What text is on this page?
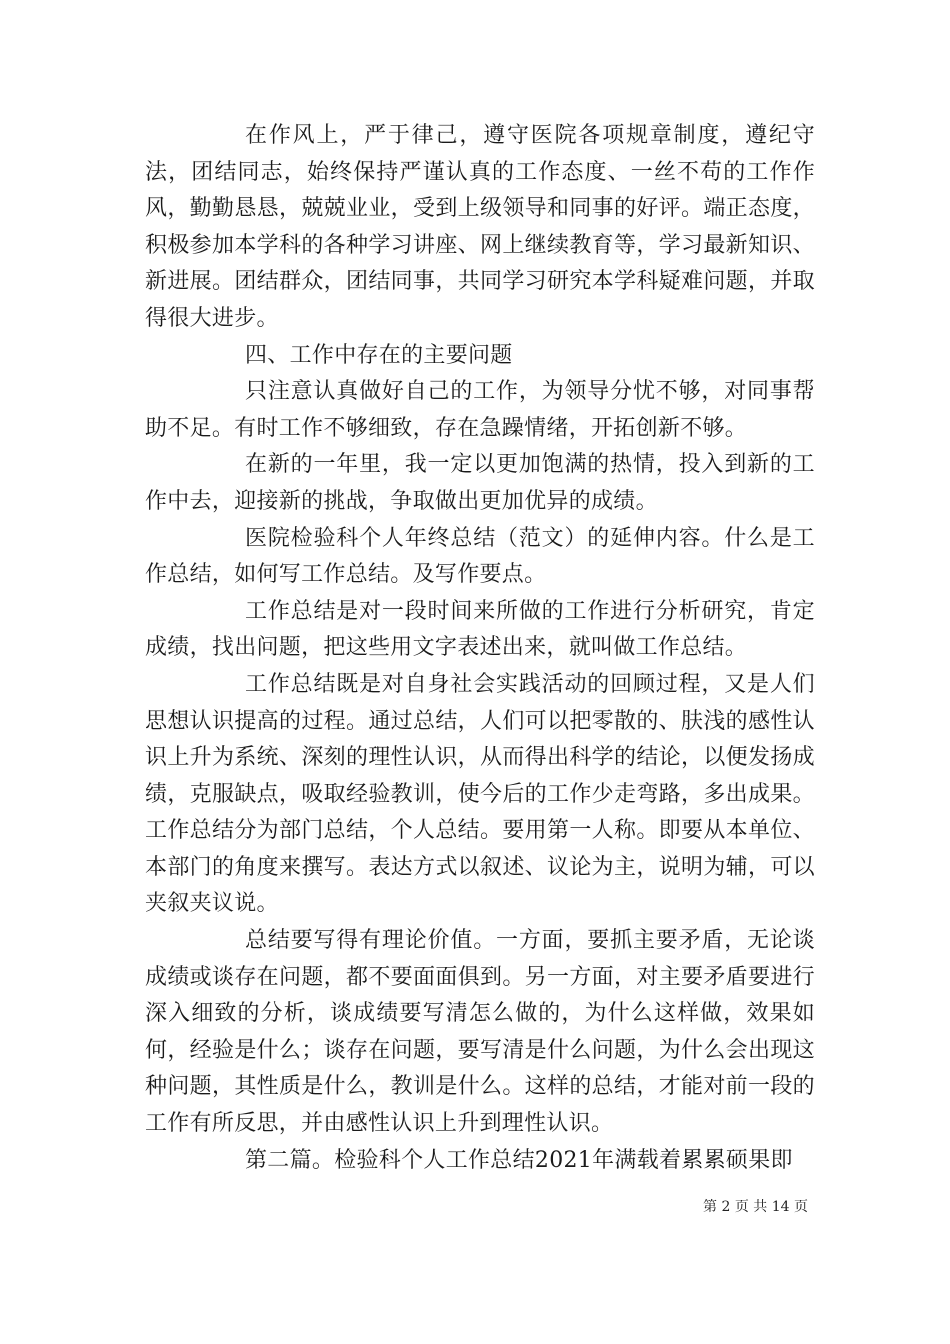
在作风上，严于律己，遵守医院各项规章制度，遵纪守法，团结同志，始终保持严谨认真的工作态度、一丝不苟的工作作风，勤勤恳恳，兢兢业业，受到上级领导和同事的好评。端正态度，积极参加本学科的各种学习讲座、网上继续教育等，学习最新知识、新进展。团结群众，团结同事，共同学习研究本学科疑难问题，并取得很大进步。

四、工作中存在的主要问题

只注意认真做好自己的工作，为领导分忧不够，对同事帮助不足。有时工作不够细致，存在急躁情绪，开拓创新不够。

在新的一年里，我一定以更加饱满的热情，投入到新的工作中去，迎接新的挑战，争取做出更加优异的成绩。

医院检验科个人年终总结（范文）的延伸内容。什么是工作总结，如何写工作总结。及写作要点。

工作总结是对一段时间来所做的工作进行分析研究，肯定成绩，找出问题，把这些用文字表述出来，就叫做工作总结。

工作总结既是对自身社会实践活动的回顾过程，又是人们思想认识提高的过程。通过总结，人们可以把零散的、肤浅的感性认识上升为系统、深刻的理性认识，从而得出科学的结论，以便发扬成绩，克服缺点，吸取经验教训，使今后的工作少走弯路，多出成果。工作总结分为部门总结，个人总结。要用第一人称。即要从本单位、本部门的角度来撰写。表达方式以叙述、议论为主，说明为辅，可以夹叙夹议说。

总结要写得有理论价值。一方面，要抓主要矛盾，无论谈成绩或谈存在问题，都不要面面俱到。另一方面，对主要矛盾要进行深入细致的分析，谈成绩要写清怎么做的，为什么这样做，效果如何，经验是什么；谈存在问题，要写清是什么问题，为什么会出现这种问题，其性质是什么，教训是什么。这样的总结，才能对前一段的工作有所反思，并由感性认识上升到理性认识。

第二篇。检验科个人工作总结2021年满载着累累硕果即

第 2 页 共 14 页
